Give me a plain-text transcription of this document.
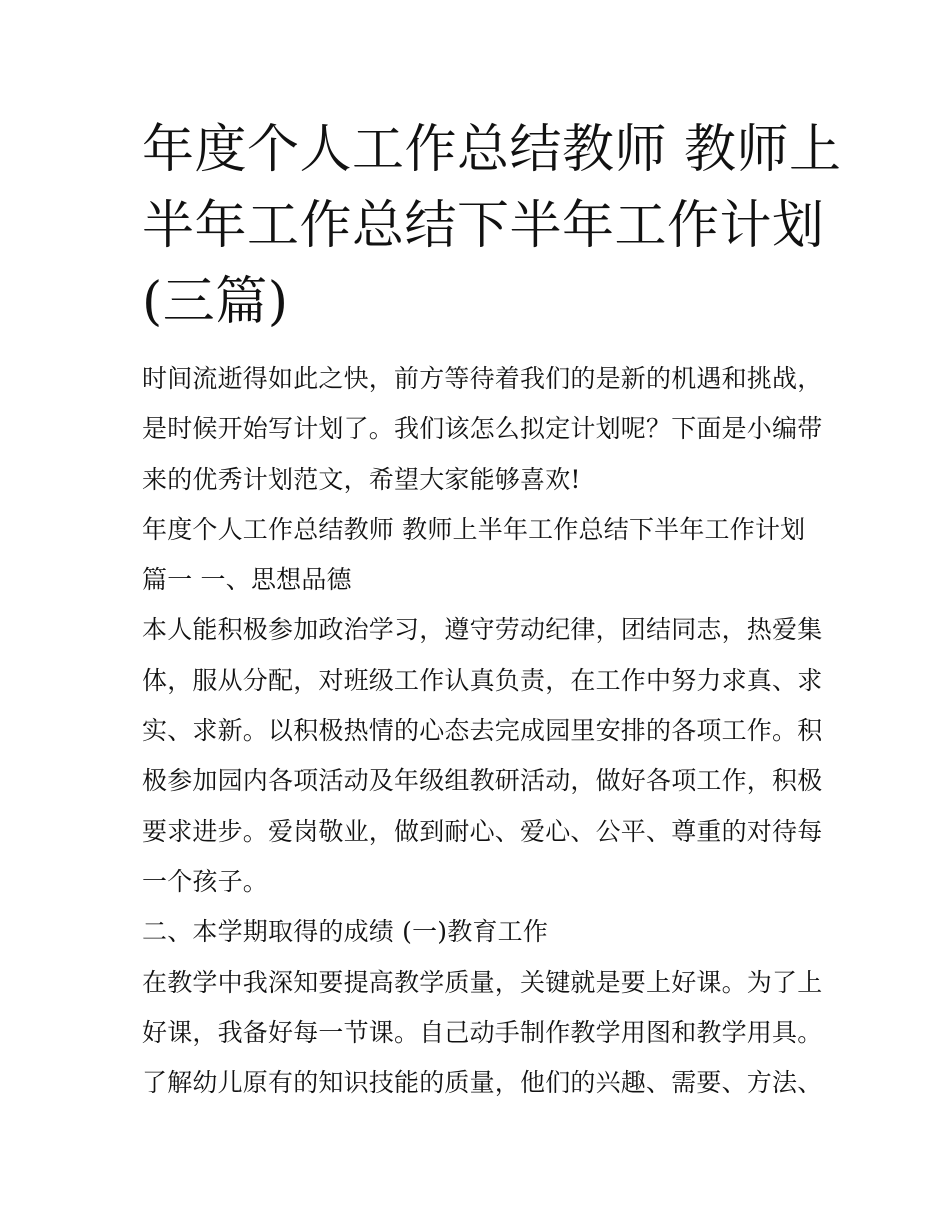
年度个人工作总结教师 教师上
半年工作总结下半年工作计划
(三篇)
时间流逝得如此之快，前方等待着我们的是新的机遇和挑战，
是时候开始写计划了。我们该怎么拟定计划呢？下面是小编带
来的优秀计划范文，希望大家能够喜欢!
年度个人工作总结教师 教师上半年工作总结下半年工作计划
篇一 一、思想品德
本人能积极参加政治学习，遵守劳动纪律，团结同志，热爱集
体，服从分配，对班级工作认真负责，在工作中努力求真、求
实、求新。以积极热情的心态去完成园里安排的各项工作。积
极参加园内各项活动及年级组教研活动，做好各项工作，积极
要求进步。爱岗敬业，做到耐心、爱心、公平、尊重的对待每
一个孩子。
二、本学期取得的成绩 (一)教育工作
在教学中我深知要提高教学质量，关键就是要上好课。为了上
好课，我备好每一节课。自己动手制作教学用图和教学用具。
了解幼儿原有的知识技能的质量，他们的兴趣、需要、方法、
